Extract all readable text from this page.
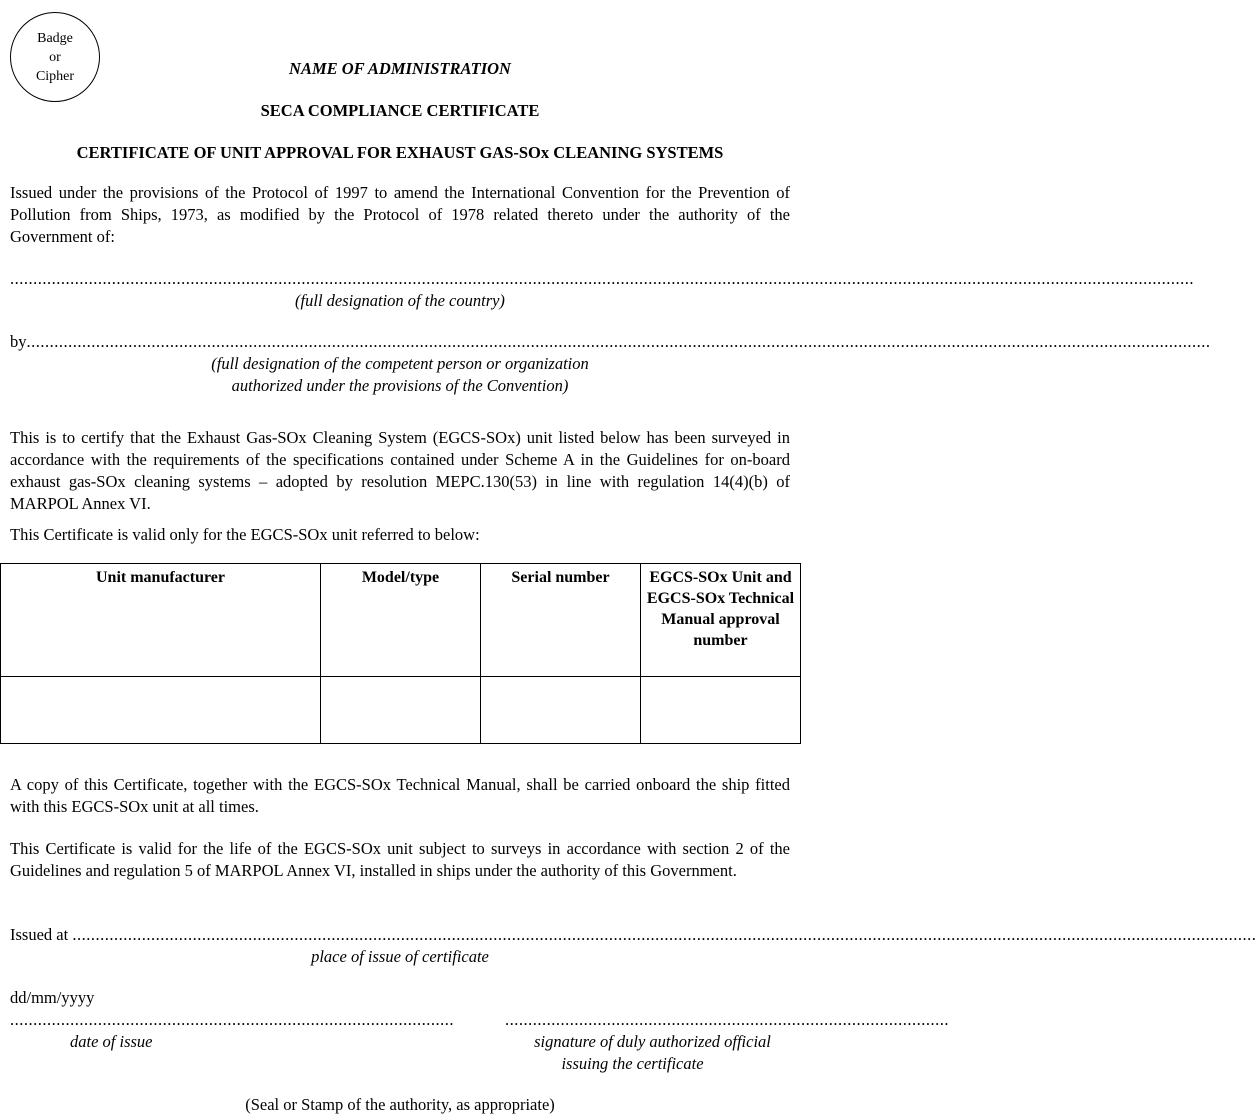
Badge
or
Cipher	NAME OF ADMINISTRATION
SECA COMPLIANCE CERTIFICATE
CERTIFICATE OF UNIT APPROVAL FOR EXHAUST GAS-SOx CLEANING SYSTEMS
Issued under the provisions of the Protocol of 1997 to amend the International Convention for the Prevention of Pollution from Ships, 1973, as modified by the Protocol of 1978 related thereto under the authority of the Government of:
................................................................................................................................................................................................................................................................
(full designation of the country)
by................................................................................................................................................................................................................................................................
(full designation of the competent person or organization
authorized under the provisions of the Convention)
This is to certify that the Exhaust Gas-SOx Cleaning System (EGCS-SOx) unit listed below has been surveyed in accordance with the requirements of the specifications contained under Scheme A in the Guidelines for on-board exhaust gas-SOx cleaning systems – adopted by resolution MEPC.130(53) in line with regulation 14(4)(b) of MARPOL Annex VI.
This Certificate is valid only for the EGCS-SOx unit referred to below:
Unit manufacturer	Model/type	Serial number	EGCS-SOx Unit and EGCS-SOx Technical Manual approval number

A copy of this Certificate, together with the EGCS-SOx Technical Manual, shall be carried onboard the ship fitted with this EGCS-SOx unit at all times.
This Certificate is valid for the life of the EGCS-SOx unit subject to surveys in accordance with section 2 of the Guidelines and regulation 5 of MARPOL Annex VI, installed in ships under the authority of this Government.
Issued at ................................................................................................................................................................................................................................................................
place of issue of certificate
dd/mm/yyyy
................................................................................................	................................................................................................
date of issue	signature of duly authorized official
issuing the certificate
(Seal or Stamp of the authority, as appropriate)
